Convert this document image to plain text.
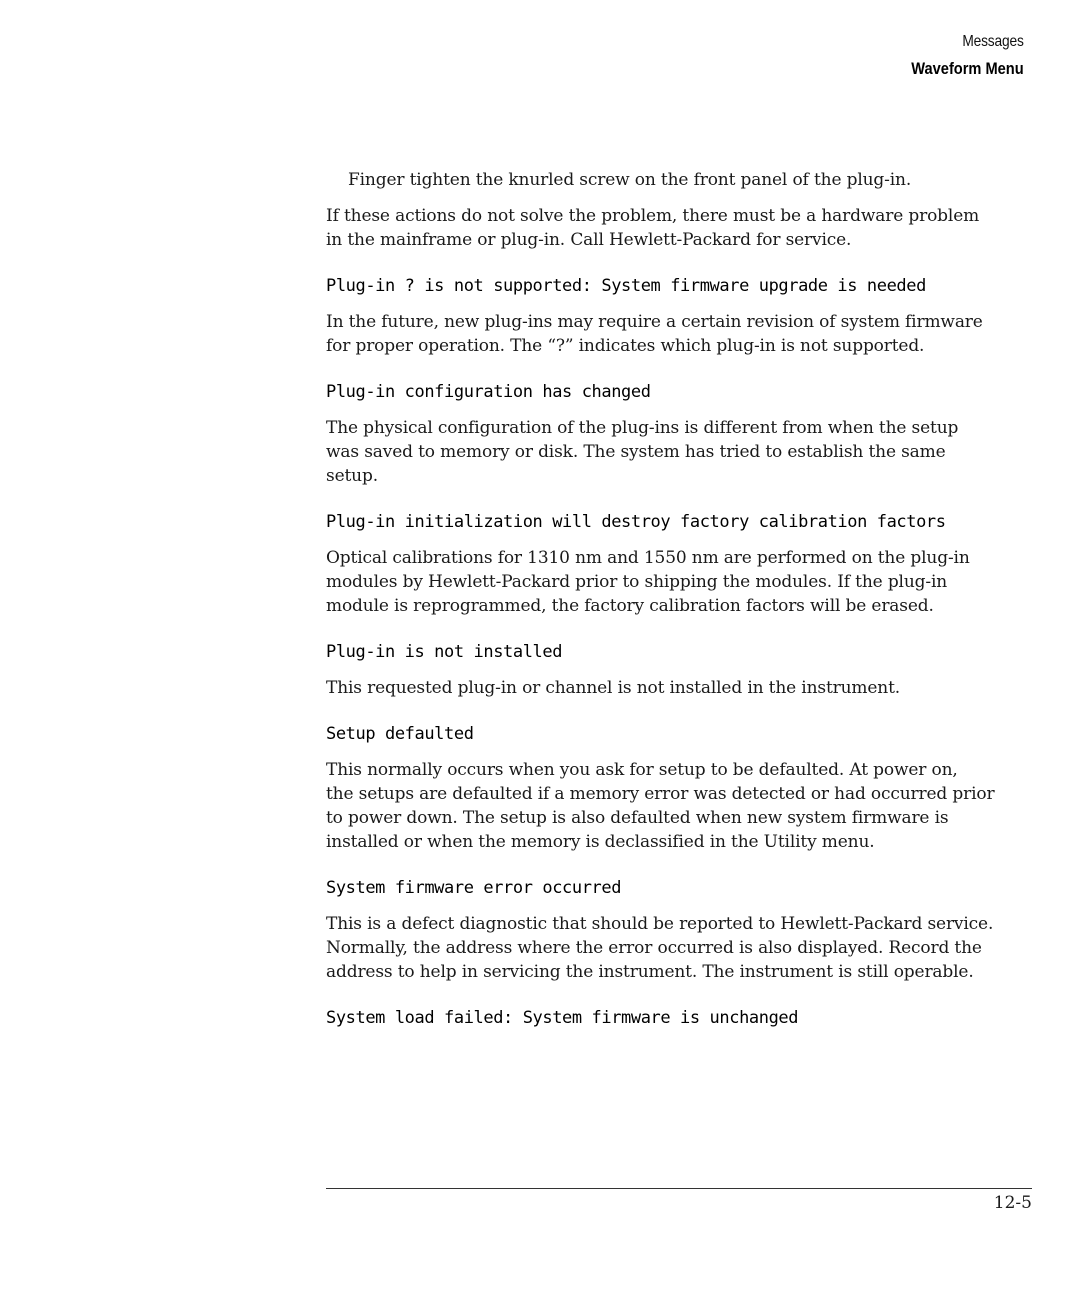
Messages
Waveform Menu

Finger tighten the knurled screw on the front panel of the plug-in.

If these actions do not solve the problem, there must be a hardware problem
in the mainframe or plug-in. Call Hewlett-Packard for service.

Plug-in ? is not supported: System firmware upgrade is needed

In the future, new plug-ins may require a certain revision of system firmware
for proper operation. The “?” indicates which plug-in is not supported.

Plug-in configuration has changed

The physical configuration of the plug-ins is different from when the setup
was saved to memory or disk. The system has tried to establish the same
setup.

Plug-in initialization will destroy factory calibration factors

Optical calibrations for 1310 nm and 1550 nm are performed on the plug-in
modules by Hewlett-Packard prior to shipping the modules. If the plug-in
module is reprogrammed, the factory calibration factors will be erased.

Plug-in is not installed

This requested plug-in or channel is not installed in the instrument.

Setup defaulted

This normally occurs when you ask for setup to be defaulted. At power on,
the setups are defaulted if a memory error was detected or had occurred prior
to power down. The setup is also defaulted when new system firmware is
installed or when the memory is declassified in the Utility menu.

System firmware error occurred

This is a defect diagnostic that should be reported to Hewlett-Packard service.
Normally, the address where the error occurred is also displayed. Record the
address to help in servicing the instrument. The instrument is still operable.

System load failed: System firmware is unchanged
12-5
